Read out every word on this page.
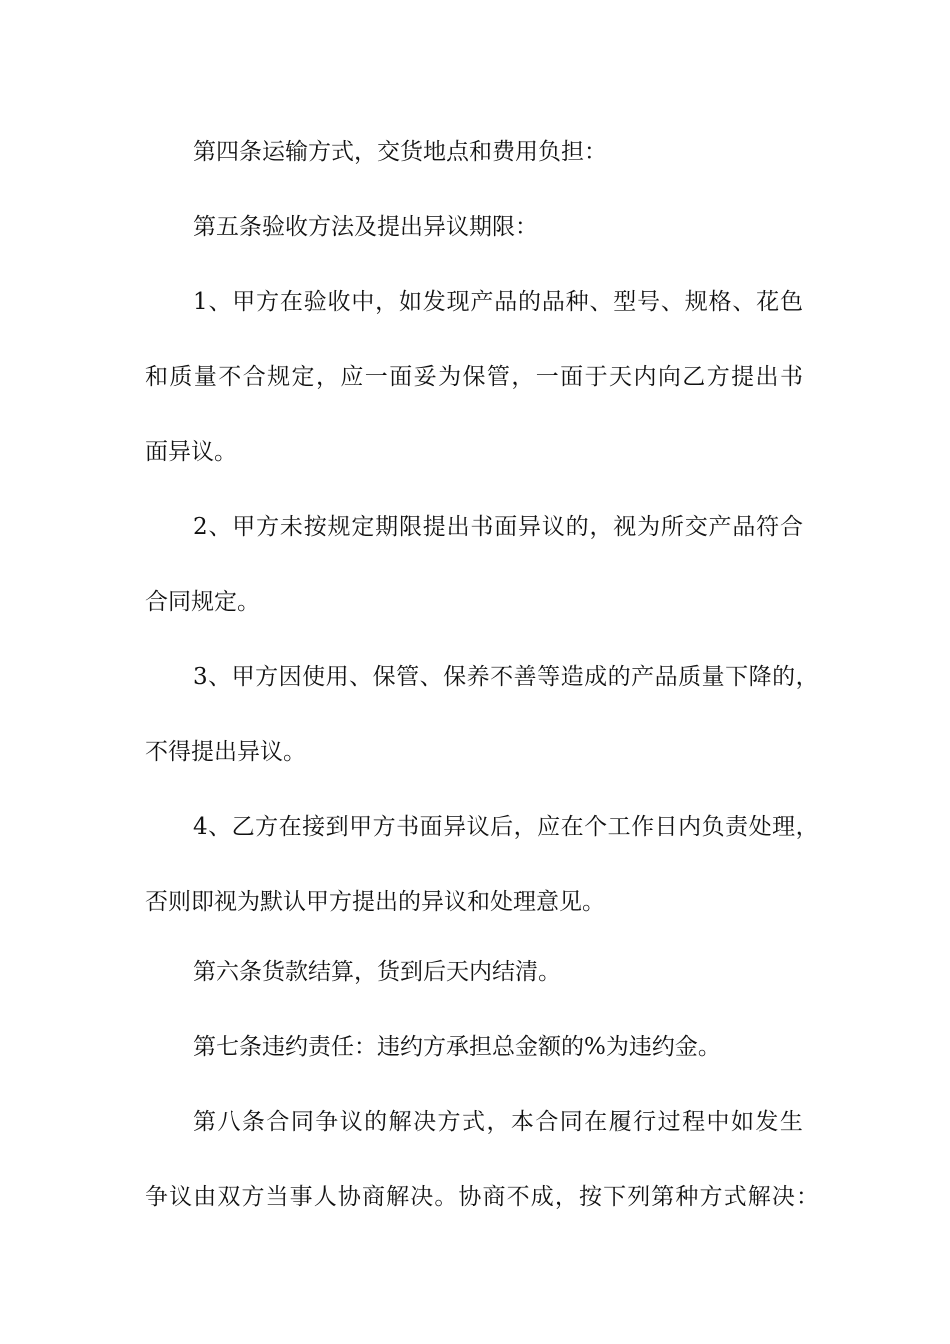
第四条运输方式，交货地点和费用负担：

第五条验收方法及提出异议期限：

1 、 甲 方 在 验 收 中 ， 如 发 现 产 品 的 品 种 、 型 号 、 规 格 、 花 色

和 质 量 不 合 规 定 ， 应 一 面 妥 为 保 管 ， 一 面 于 天 内 向 乙 方 提 出 书

面异议。

2 、 甲 方 未 按 规 定 期 限 提 出 书 面 异 议 的 ， 视 为 所 交 产 品 符 合

合同规定。

3 、 甲 方 因 使 用 、 保 管 、 保 养 不 善 等 造 成 的 产 品 质 量 下 降 的 ，

不得提出异议。

4 、 乙 方 在 接 到 甲 方 书 面 异 议 后 ， 应 在 个 工 作 日 内 负 责 处 理 ，

否则即视为默认甲方提出的异议和处理意见。

第六条货款结算，货到后天内结清。

第七条违约责任：违约方承担总金额的%为违约金。

第 八 条 合 同 争 议 的 解 决 方 式 ， 本 合 同 在 履 行 过 程 中 如 发 生

争 议 由 双 方 当 事 人 协 商 解 决 。 协 商 不 成 ， 按 下 列 第 种 方 式 解 决 ：
